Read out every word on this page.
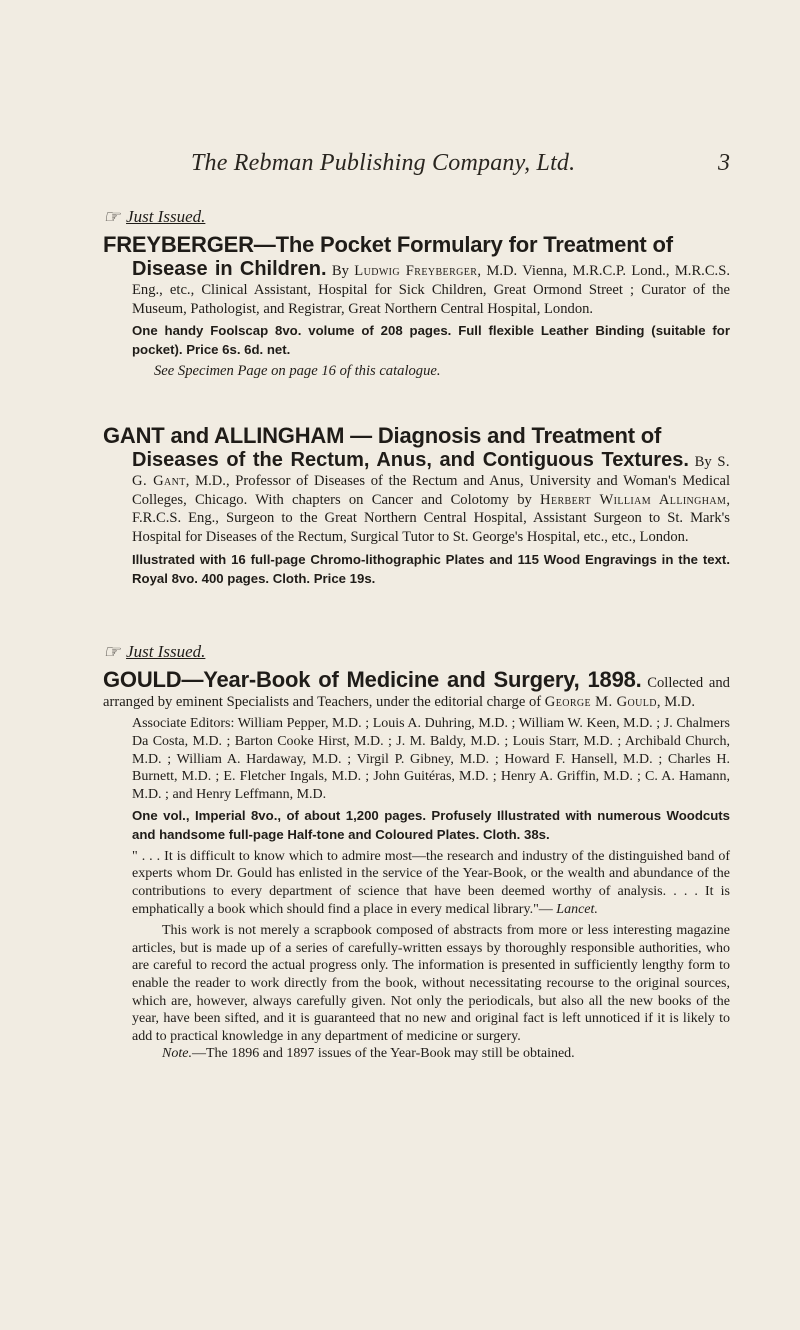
The Rebman Publishing Company, Ltd.	3
☞ Just Issued.
FREYBERGER—The Pocket Formulary for Treatment of
Disease in Children. By Ludwig Freyberger, M.D. Vienna, M.R.C.P. Lond., M.R.C.S. Eng., etc., Clinical Assistant, Hospital for Sick Children, Great Ormond Street ; Curator of the Museum, Pathologist, and Registrar, Great Northern Central Hospital, London.
One handy Foolscap 8vo. volume of 208 pages. Full flexible Leather Binding (suitable for pocket). Price 6s. 6d. net.
See Specimen Page on page 16 of this catalogue.
GANT and ALLINGHAM — Diagnosis and Treatment of
Diseases of the Rectum, Anus, and Contiguous Textures. By S. G. Gant, M.D., Professor of Diseases of the Rectum and Anus, University and Woman's Medical Colleges, Chicago. With chapters on Cancer and Colotomy by Herbert William Allingham, F.R.C.S. Eng., Surgeon to the Great Northern Central Hospital, Assistant Surgeon to St. Mark's Hospital for Diseases of the Rectum, Surgical Tutor to St. George's Hospital, etc., etc., London.
Illustrated with 16 full-page Chromo-lithographic Plates and 115 Wood Engravings in the text. Royal 8vo. 400 pages. Cloth. Price 19s.
☞ Just Issued.
GOULD—Year-Book of Medicine and Surgery, 1898. Collected and arranged by eminent Specialists and Teachers, under the editorial charge of George M. Gould, M.D.
Associate Editors: William Pepper, M.D. ; Louis A. Duhring, M.D. ; William W. Keen, M.D. ; J. Chalmers Da Costa, M.D. ; Barton Cooke Hirst, M.D. ; J. M. Baldy, M.D. ; Louis Starr, M.D. ; Archibald Church, M.D. ; William A. Hardaway, M.D. ; Virgil P. Gibney, M.D. ; Howard F. Hansell, M.D. ; Charles H. Burnett, M.D. ; E. Fletcher Ingals, M.D. ; John Guitéras, M.D. ; Henry A. Griffin, M.D. ; C. A. Hamann, M.D. ; and Henry Leffmann, M.D.
One vol., Imperial 8vo., of about 1,200 pages. Profusely Illustrated with numerous Woodcuts and handsome full-page Half-tone and Coloured Plates. Cloth. 38s.
" . . . It is difficult to know which to admire most—the research and industry of the distinguished band of experts whom Dr. Gould has enlisted in the service of the Year-Book, or the wealth and abundance of the contributions to every department of science that have been deemed worthy of analysis. . . . It is emphatically a book which should find a place in every medical library."— Lancet.
This work is not merely a scrapbook composed of abstracts from more or less interesting magazine articles, but is made up of a series of carefully-written essays by thoroughly responsible authorities, who are careful to record the actual progress only. The information is presented in sufficiently lengthy form to enable the reader to work directly from the book, without necessitating recourse to the original sources, which are, however, always carefully given. Not only the periodicals, but also all the new books of the year, have been sifted, and it is guaranteed that no new and original fact is left unnoticed if it is likely to add to practical knowledge in any department of medicine or surgery.
Note.—The 1896 and 1897 issues of the Year-Book may still be obtained.
